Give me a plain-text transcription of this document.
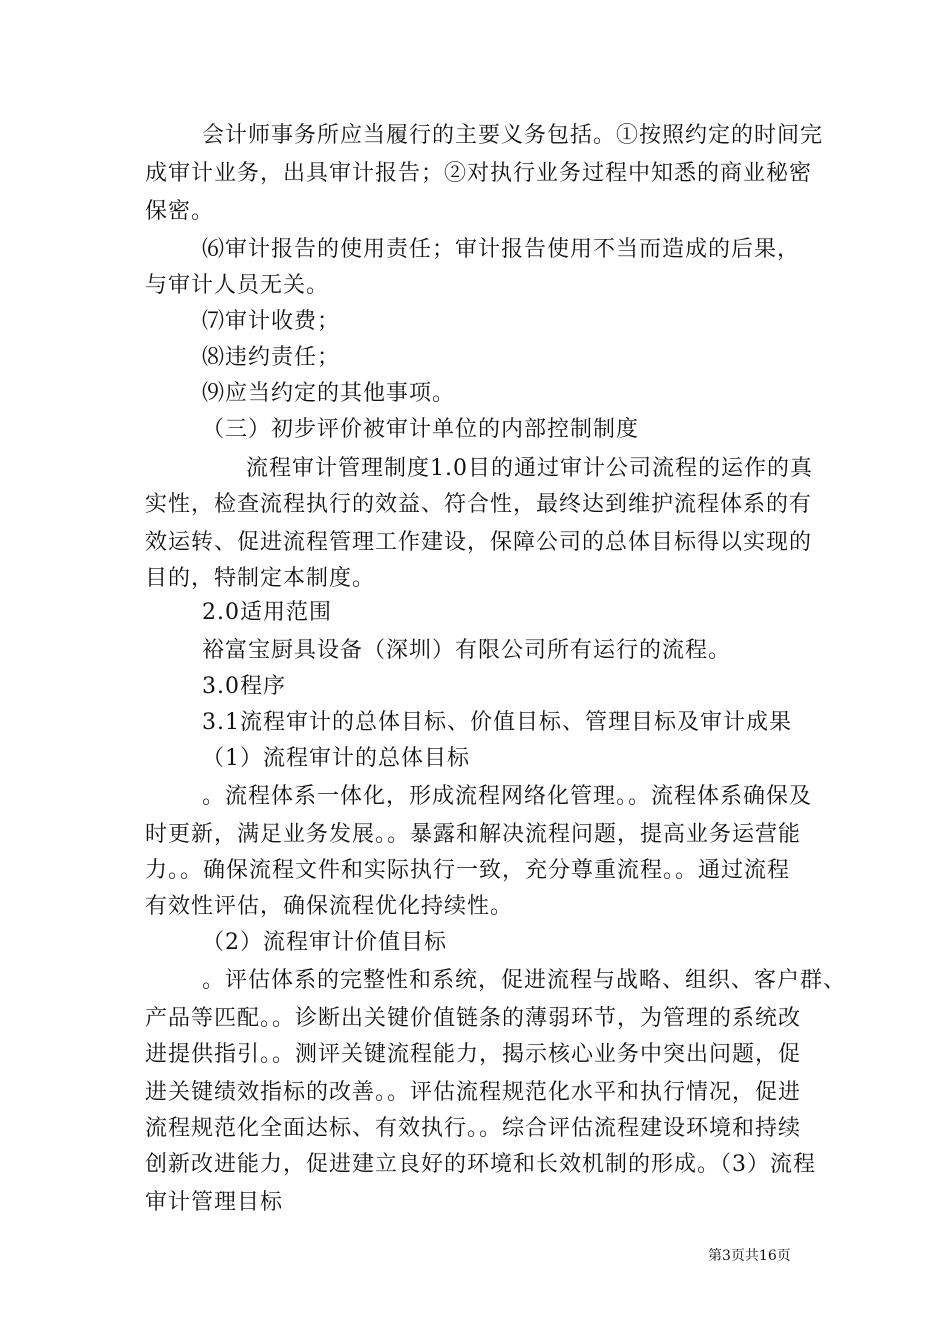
会计师事务所应当履行的主要义务包括。①按照约定的时间完
成审计业务，出具审计报告；②对执行业务过程中知悉的商业秘密
保密。
⑹审计报告的使用责任；审计报告使用不当而造成的后果，
与审计人员无关。
⑺审计收费；
⑻违约责任；
⑼应当约定的其他事项。
（三）初步评价被审计单位的内部控制制度
流程审计管理制度1.0目的通过审计公司流程的运作的真
实性，检查流程执行的效益、符合性，最终达到维护流程体系的有
效运转、促进流程管理工作建设，保障公司的总体目标得以实现的
目的，特制定本制度。
2.0适用范围
裕富宝厨具设备（深圳）有限公司所有运行的流程。
3.0程序
3.1流程审计的总体目标、价值目标、管理目标及审计成果
（1）流程审计的总体目标
。流程体系一体化，形成流程网络化管理。。流程体系确保及
时更新，满足业务发展。。暴露和解决流程问题，提高业务运营能
力。。确保流程文件和实际执行一致，充分尊重流程。。通过流程
有效性评估，确保流程优化持续性。
（2）流程审计价值目标
。评估体系的完整性和系统，促进流程与战略、组织、客户群、
产品等匹配。。诊断出关键价值链条的薄弱环节，为管理的系统改
进提供指引。。测评关键流程能力，揭示核心业务中突出问题，促
进关键绩效指标的改善。。评估流程规范化水平和执行情况，促进
流程规范化全面达标、有效执行。。综合评估流程建设环境和持续
创新改进能力，促进建立良好的环境和长效机制的形成。（3）流程
审计管理目标
第3页共16页
